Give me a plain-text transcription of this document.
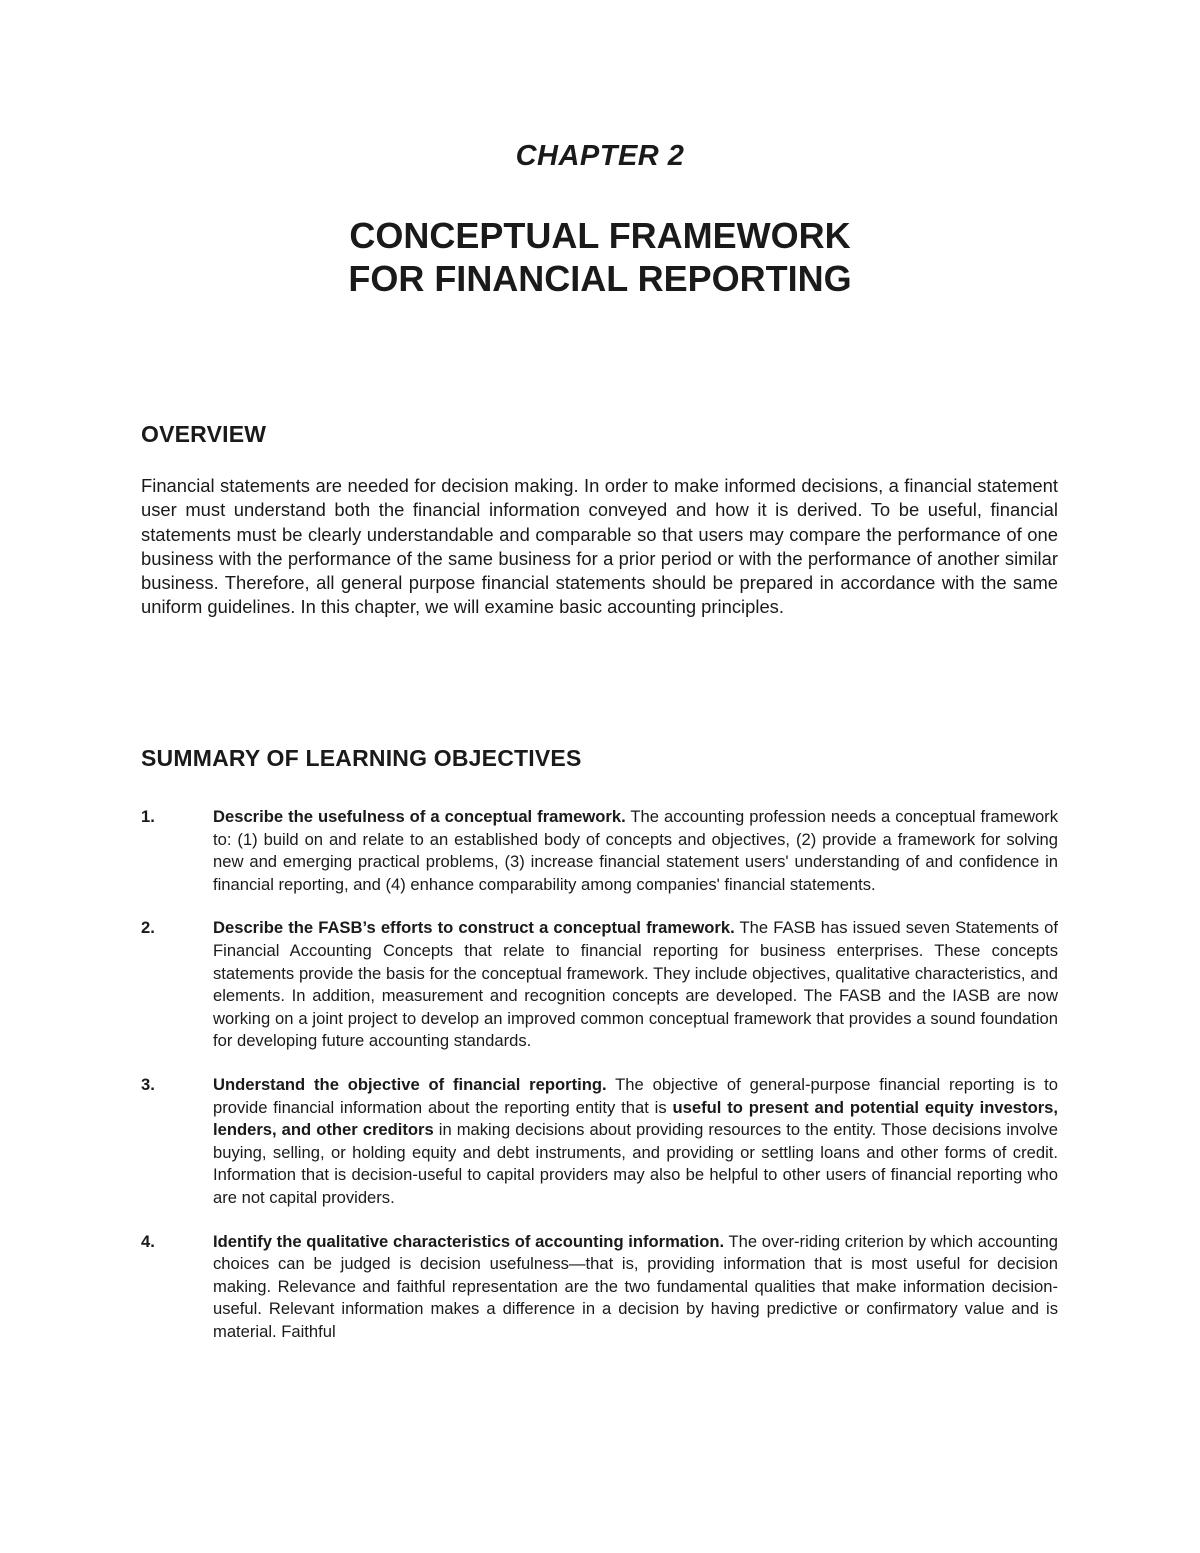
CHAPTER 2
CONCEPTUAL FRAMEWORK
FOR FINANCIAL REPORTING
OVERVIEW

Financial statements are needed for decision making. In order to make informed decisions, a financial statement user must understand both the financial information conveyed and how it is derived. To be useful, financial statements must be clearly understandable and comparable so that users may compare the performance of one business with the performance of the same business for a prior period or with the performance of another similar business. Therefore, all general purpose financial statements should be prepared in accordance with the same uniform guidelines. In this chapter, we will examine basic accounting principles.

SUMMARY OF LEARNING OBJECTIVES
1.	Describe the usefulness of a conceptual framework. The accounting profession needs a conceptual framework to: (1) build on and relate to an established body of concepts and objectives, (2) provide a framework for solving new and emerging practical problems, (3) increase financial statement users' understanding of and confidence in financial reporting, and (4) enhance comparability among companies' financial statements.
2.	Describe the FASB’s efforts to construct a conceptual framework. The FASB has issued seven Statements of Financial Accounting Concepts that relate to financial reporting for business enterprises. These concepts statements provide the basis for the conceptual framework. They include objectives, qualitative characteristics, and elements. In addition, measurement and recognition concepts are developed. The FASB and the IASB are now working on a joint project to develop an improved common conceptual framework that provides a sound foundation for developing future accounting standards.
3.	Understand the objective of financial reporting. The objective of general-purpose financial reporting is to provide financial information about the reporting entity that is useful to present and potential equity investors, lenders, and other creditors in making decisions about providing resources to the entity. Those decisions involve buying, selling, or holding equity and debt instruments, and providing or settling loans and other forms of credit. Information that is decision-useful to capital providers may also be helpful to other users of financial reporting who are not capital providers.
4.	Identify the qualitative characteristics of accounting information. The over-riding criterion by which accounting choices can be judged is decision usefulness—that is, providing information that is most useful for decision making. Relevance and faithful representation are the two fundamental qualities that make information decision-useful. Relevant information makes a difference in a decision by having predictive or confirmatory value and is material. Faithful
